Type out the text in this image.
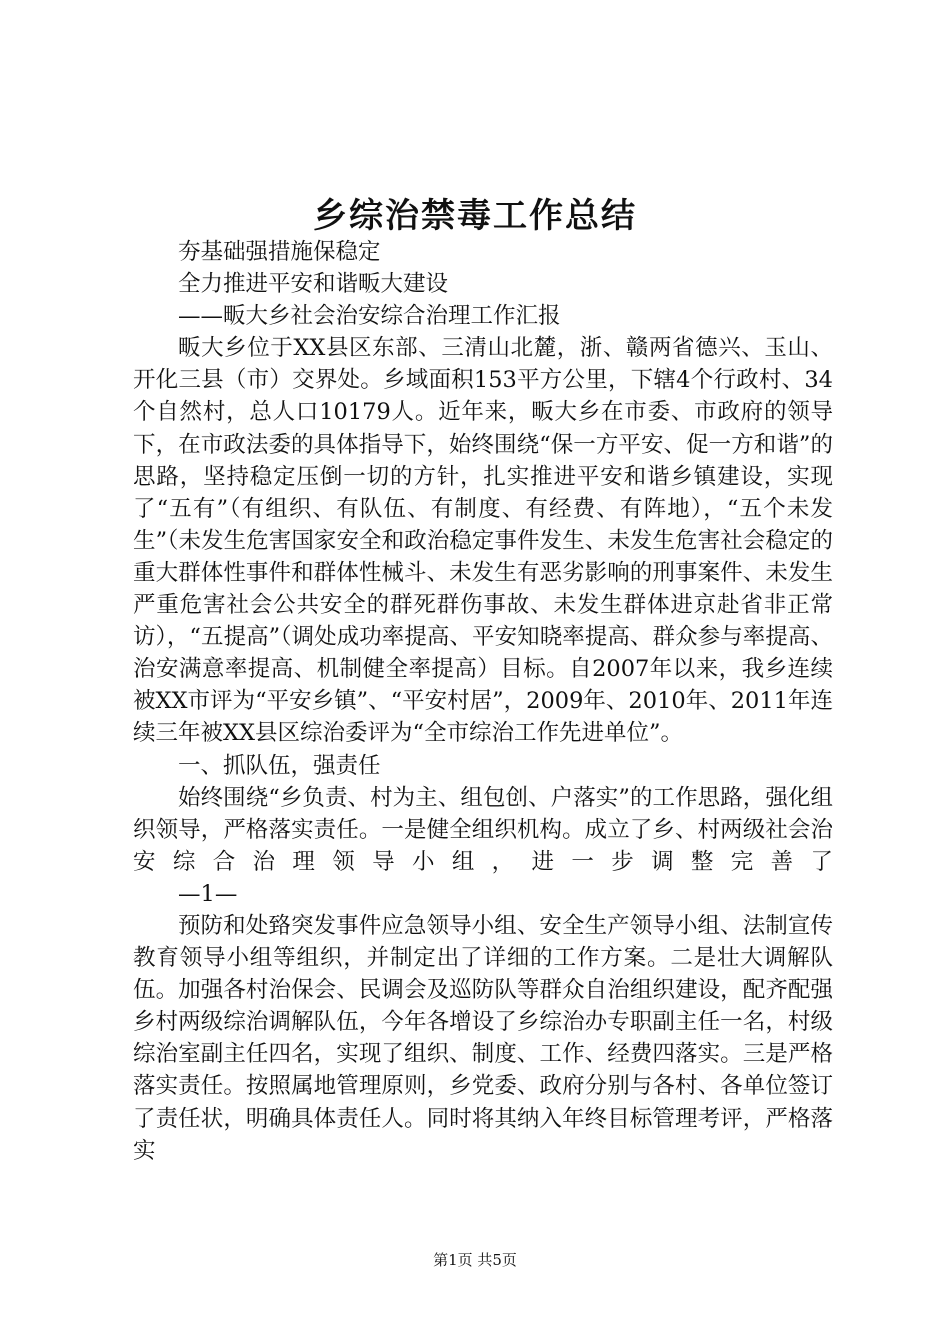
乡综治禁毒工作总结

夯基础强措施保稳定

全力推进平安和谐畈大建设

——畈大乡社会治安综合治理工作汇报

畈大乡位于XX县区东部、三清山北麓，浙、赣两省德兴、玉山、开化三县（市）交界处。乡域面积153平方公里，下辖4个行政村、34个自然村，总人口10179人。近年来，畈大乡在市委、市政府的领导下，在市政法委的具体指导下，始终围绕“保一方平安、促一方和谐”的思路，坚持稳定压倒一切的方针，扎实推进平安和谐乡镇建设，实现了“五有”（有组织、有队伍、有制度、有经费、有阵地），“五个未发生”（未发生危害国家安全和政治稳定事件发生、未发生危害社会稳定的重大群体性事件和群体性械斗、未发生有恶劣影响的刑事案件、未发生严重危害社会公共安全的群死群伤事故、未发生群体进京赴省非正常访），“五提高”（调处成功率提高、平安知晓率提高、群众参与率提高、治安满意率提高、机制健全率提高）目标。自2007年以来，我乡连续被XX市评为“平安乡镇”、“平安村居”，2009年、2010年、2011年连续三年被XX县区综治委评为“全市综治工作先进单位”。

一、抓队伍，强责任

始终围绕“乡负责、村为主、组包创、户落实”的工作思路，强化组织领导，严格落实责任。一是健全组织机构。成立了乡、村两级社会治安综合治理领导小组，进一步调整完善了

—1—

预防和处臵突发事件应急领导小组、安全生产领导小组、法制宣传教育领导小组等组织，并制定出了详细的工作方案。二是壮大调解队伍。加强各村治保会、民调会及巡防队等群众自治组织建设，配齐配强乡村两级综治调解队伍，今年各增设了乡综治办专职副主任一名，村级综治室副主任四名，实现了组织、制度、工作、经费四落实。三是严格落实责任。按照属地管理原则，乡党委、政府分别与各村、各单位签订了责任状，明确具体责任人。同时将其纳入年终目标管理考评，严格落实

第1页 共5页
